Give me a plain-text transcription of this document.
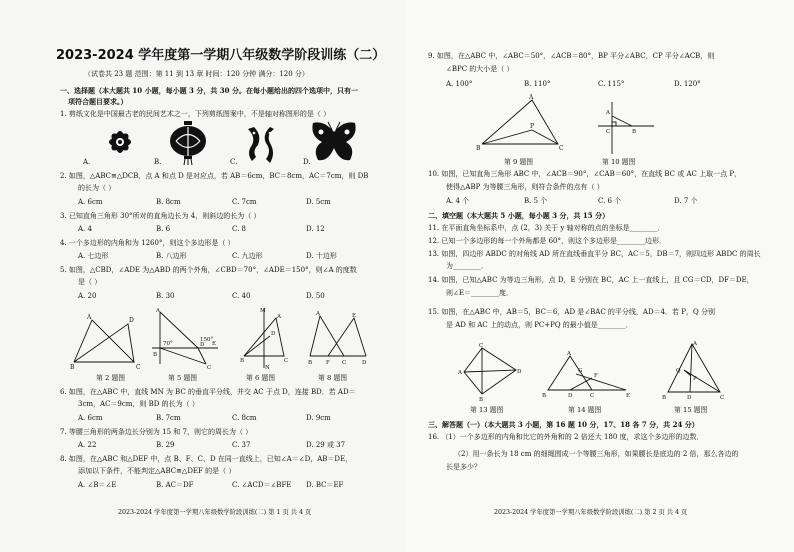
2023-2024 学年度第一学期八年级数学阶段训练（二）
（试卷共 23 题 范围：第 11 到 13 章 时间：120 分钟 满分：120 分）
一、选择题（本大题共 10 小题，每小题 3 分，共 30 分。在每小题给出的四个选项中，只有一
项符合题目要求。）
1. 剪纸文化是中国最古老的民间艺术之一，下列剪纸图案中，不是轴对称图形的是（ ）
A.	B.	C.	D.
2. 如图，△ABC≌△DCB，点 A 和点 D 是对应点，若 AB＝6cm，BC＝8cm，AC＝7cm，则 DB
的长为（ ）
A. 6cm	B. 8cm	C. 7cm	D. 5cm
3. 已知直角三角形 30°所对的直角边长为 4，则斜边的长为（ ）
A. 4	B. 6	C. 8	D. 12
4. 一个多边形的内角和为 1260°，则这个多边形是（ ）
A. 七边形	B. 八边形	C. 九边形	D. 十边形
5. 如图，△CBD，∠ADE 为△ABD 的两个外角，∠CBD＝70°，∠ADE＝150°，则∠A 的度数
是（ ）
A. 20	B. 30	C. 40	D. 50
A	D
B	C
A
D E
B
C
150°
70°
M
A
D
B	C
N
A	E
B	F C	D
第 2 题图	第 5 题图	第 6 题图	第 8 题图
6. 如图，在△ABC 中，直线 MN 为 BC 的垂直平分线，并交 AC 于点 D，连接 BD．若 AD＝
3cm，AC＝9cm，则 BD 的长为（ ）
A. 6cm	B. 7cm	C. 8cm	D. 9cm
7. 等腰三角形的两条边长分别为 15 和 7，则它的周长为（ ）
A. 22	B. 29	C. 37	D. 29 或 37
8. 如图，在△ABC 和△DEF 中，点 B、F、C、D 在同一直线上，已知∠A＝∠D，AB＝DE，
添加以下条件，不能判定△ABC≌△DEF 的是（ ）
A. ∠B＝∠E	B. AC＝DF	C. ∠ACD＝∠BFE D. BC＝EF
2023-2024 学年度第一学期八年级数学阶段训练(二) 第 1 页 共 4 页
9. 如图，在△ABC 中，∠ABC＝50°，∠ACB＝80°，BP 平分∠ABC，CP 平分∠ACB，则
∠BPC 的大小是（ ）
A. 100°	B. 110°	C. 115°	D. 120°
A
P
B	C
A
C	B
第 9 题图	第 10 题图
10. 如图，已知直角三角形 ABC 中，∠ACB＝90°，∠CAB＝60°，在直线 BC 或 AC 上取一点 P，
使得△ABP 为等腰三角形，则符合条件的点有（ ）
A. 4 个	B. 5 个	C. 6 个	D. 7 个
二、填空题（本大题共 5 小题，每小题 3 分，共 15 分）
11. 在平面直角坐标系中，点 (2，3) 关于 y 轴对称的点的坐标是________．
12. 已知一个多边形的每一个外角都是 60°，则这个多边形是________边形．
13. 如图，四边形 ABDC 的对角线 AD 所在直线垂直平分 BC，AC＝5，DB＝7，则四边形 ABDC 的周长
为________．
14. 如图，已知△ABC 为等边三角形，点 D，E 分别在 BC，AC 上一直线上，且 CG＝CD，DF＝DE，
则∠E＝________度．
15. 如图，在△ABC 中，AB＝5，BC＝6，AD 是∠BAC 的平分线，AD＝4．若 P，Q 分别
是 AD 和 AC 上的动点，则 PC+PQ 的最小值是________．
C
A	D
B
A
G
F
B	D	C	E
A
Q
P
B	D	C
第 13 题图	第 14 题图	第 15 题图
三、解答题（一）（本大题共 3 小题，第 16 题 10 分，17、18 各 7 分，共 24 分）
16. （1）一个多边形的内角和比它的外角和的 2 倍还大 180 度，求这个多边形的边数．
（2）用一条长为 18 cm 的细绳围成一个等腰三角形，如果腰长是底边的 2 倍，那么各边的
长是多少？
2023-2024 学年度第一学期八年级数学阶段训练(二) 第 2 页 共 4 页
